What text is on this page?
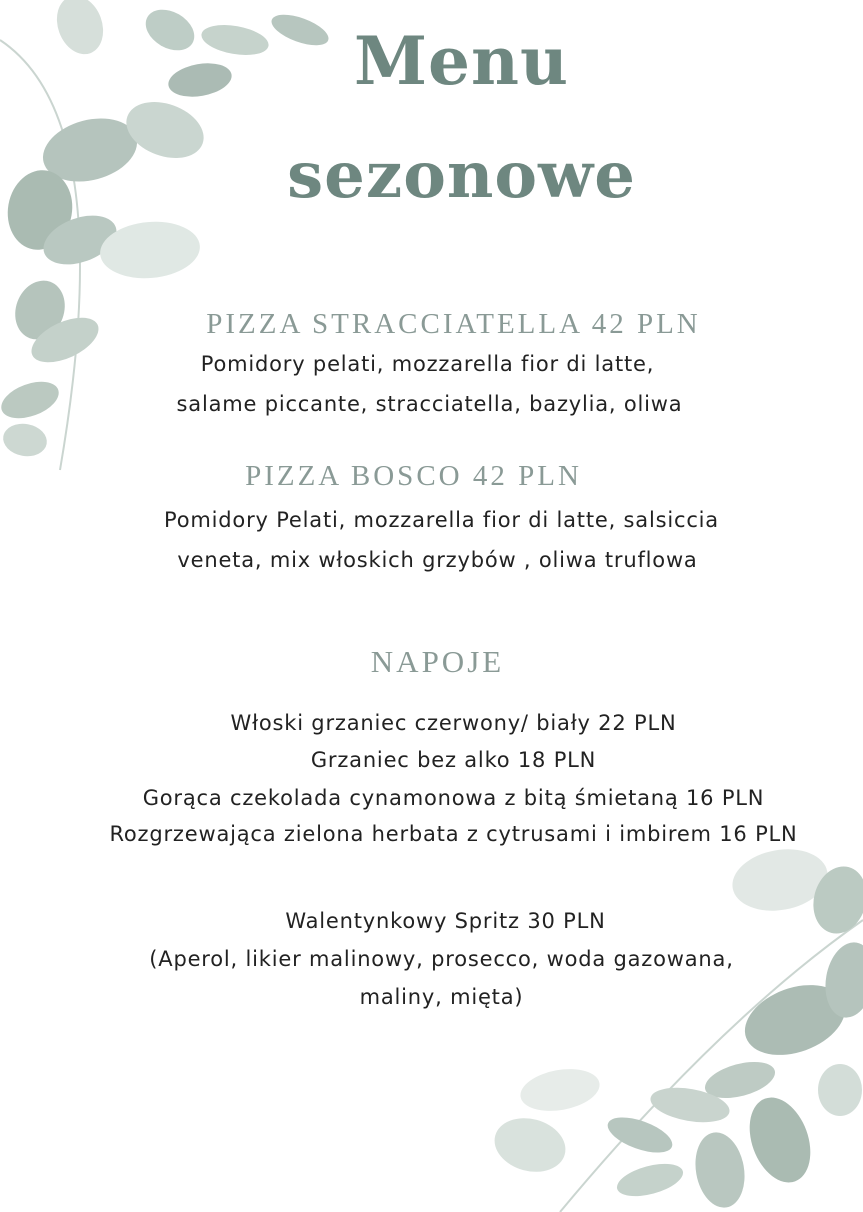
Menu
sezonowe
PIZZA STRACCIATELLA 42 PLN
Pomidory pelati, mozzarella fior di latte,
salame piccante, stracciatella, bazylia, oliwa
PIZZA BOSCO 42 PLN
Pomidory Pelati, mozzarella fior di latte, salsiccia
veneta, mix włoskich grzybów , oliwa truflowa
NAPOJE
Włoski grzaniec czerwony/ biały 22 PLN
Grzaniec bez alko 18 PLN
Gorąca czekolada cynamonowa z bitą śmietaną 16 PLN
Rozgrzewająca zielona herbata z cytrusami i imbirem 16 PLN
Walentynkowy Spritz 30 PLN
(Aperol, likier malinowy, prosecco, woda gazowana,
maliny, mięta)
